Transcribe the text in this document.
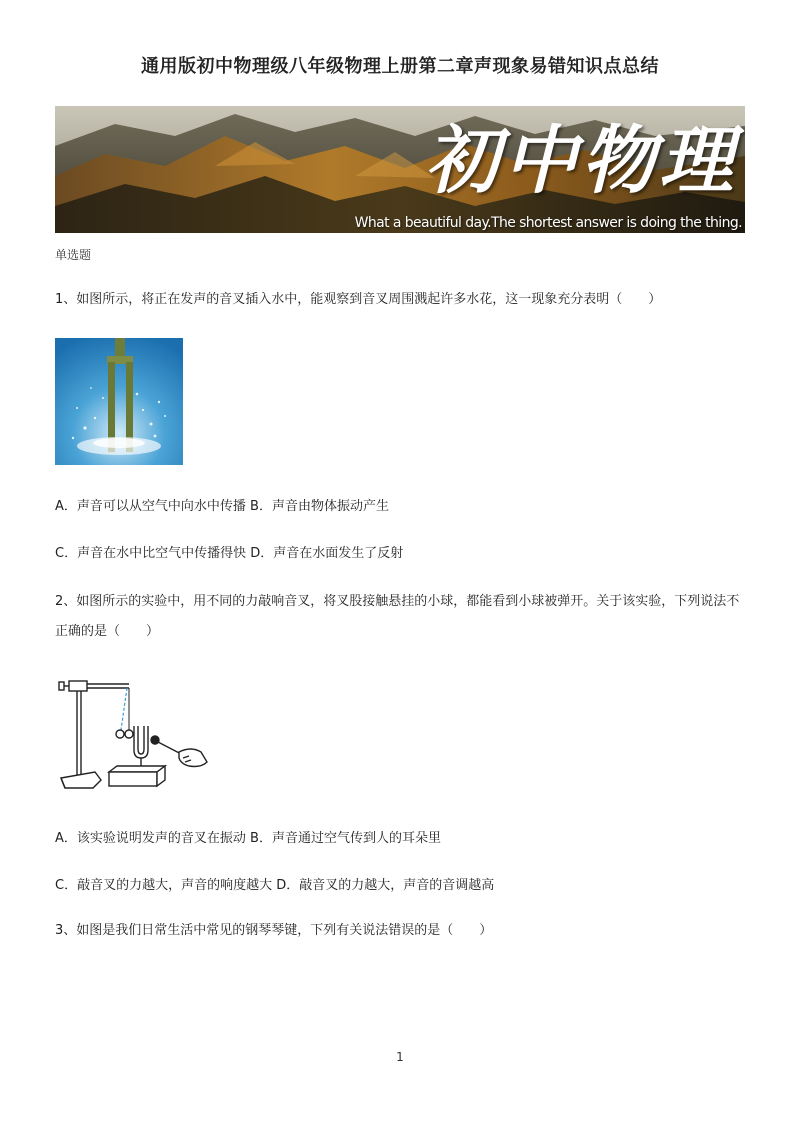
通用版初中物理级八年级物理上册第二章声现象易错知识点总结
初中物理
What a beautiful day.The shortest answer is doing the thing.
单选题
1、如图所示，将正在发声的音叉插入水中，能观察到音叉周围溅起许多水花，这一现象充分表明（　　）
A．声音可以从空气中向水中传播 B．声音由物体振动产生
C．声音在水中比空气中传播得快 D．声音在水面发生了反射
2、如图所示的实验中，用不同的力敲响音叉，将叉股接触悬挂的小球，都能看到小球被弹开。关于该实验，下列说法不正确的是（　　）
A．该实验说明发声的音叉在振动 B．声音通过空气传到人的耳朵里
C．敲音叉的力越大，声音的响度越大 D．敲音叉的力越大，声音的音调越高
3、如图是我们日常生活中常见的钢琴琴键，下列有关说法错误的是（　　）
1
